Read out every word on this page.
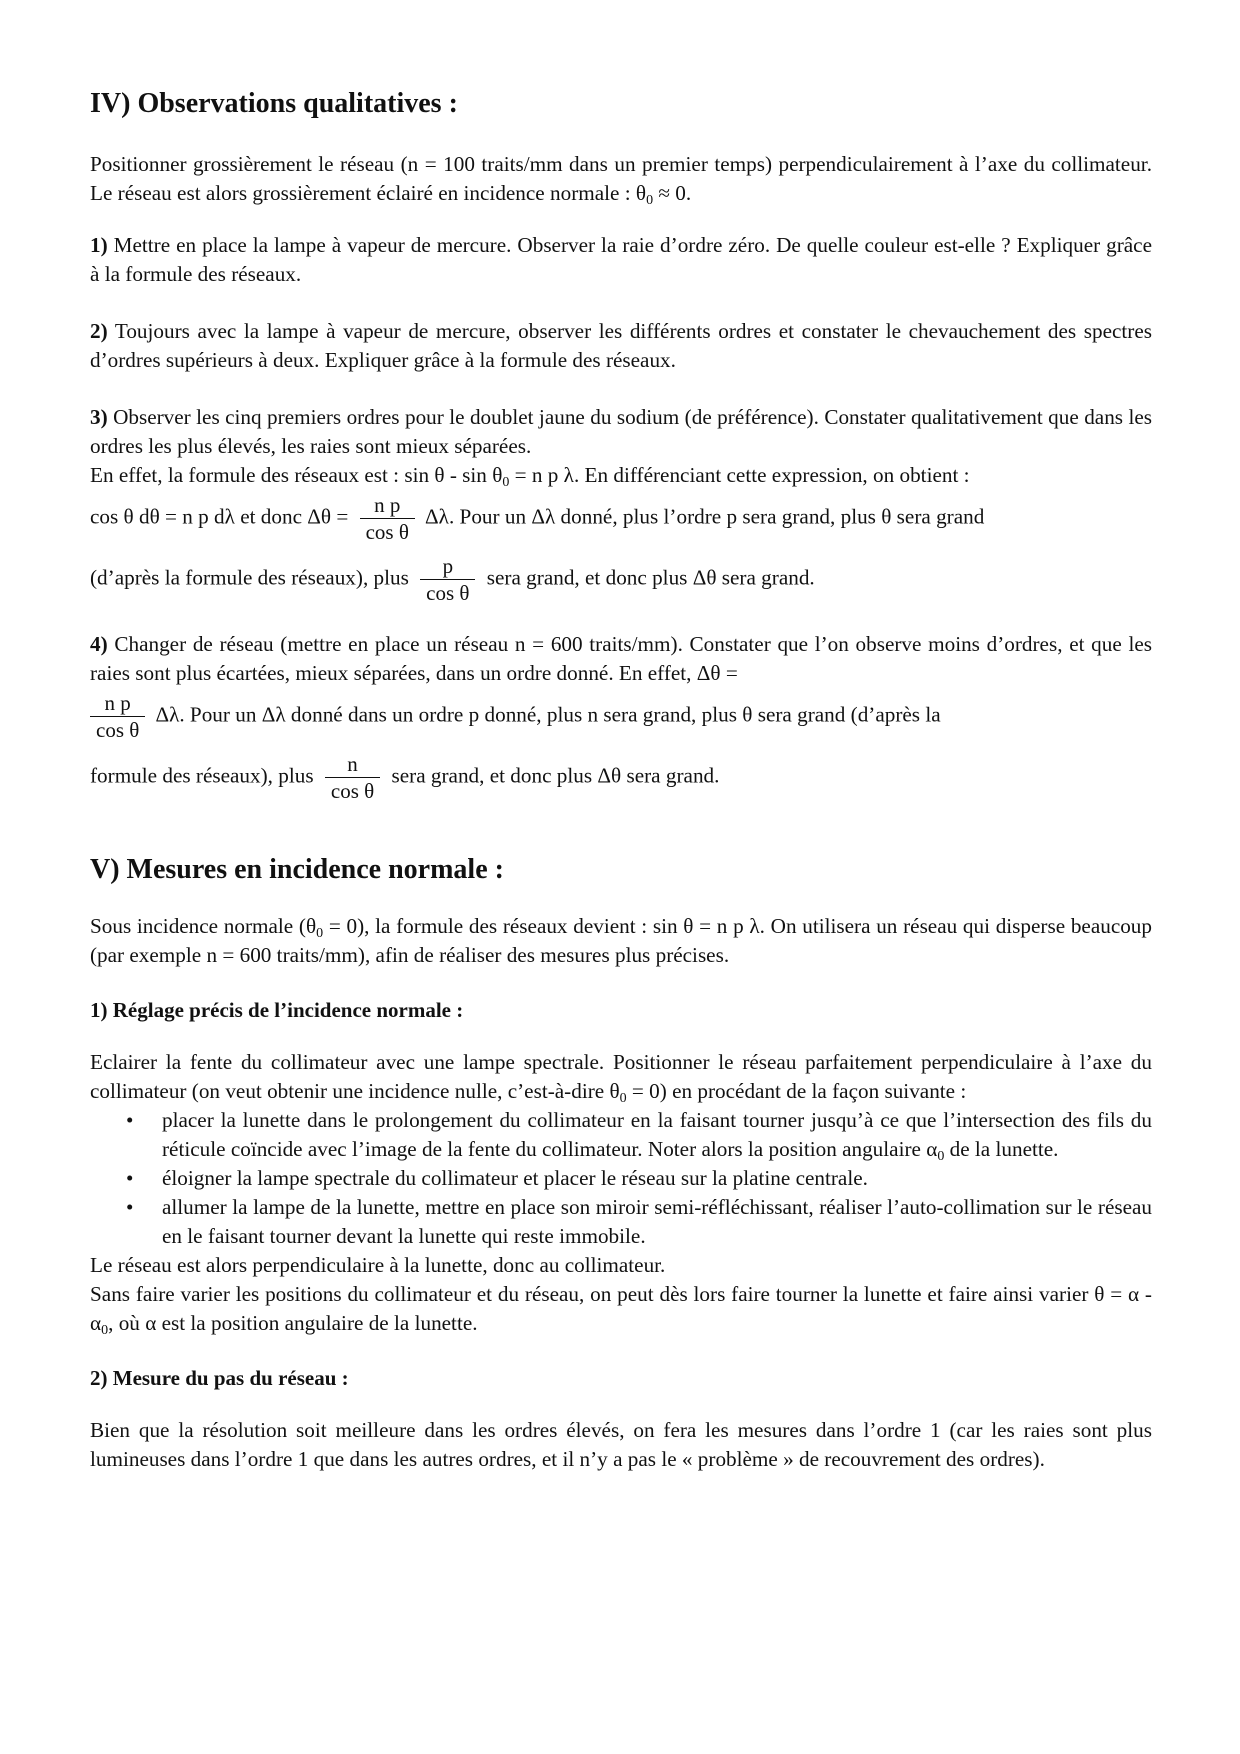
IV) Observations qualitatives :

Positionner grossièrement le réseau (n = 100 traits/mm dans un premier temps) perpendiculairement à l’axe du collimateur. Le réseau est alors grossièrement éclairé en incidence normale : $\theta_0 \approx 0$.

1) Mettre en place la lampe à vapeur de mercure. Observer la raie d’ordre zéro. De quelle couleur est-elle ? Expliquer grâce à la formule des réseaux.

2) Toujours avec la lampe à vapeur de mercure, observer les différents ordres et constater le chevauchement des spectres d’ordres supérieurs à deux. Expliquer grâce à la formule des réseaux.

3) Observer les cinq premiers ordres pour le doublet jaune du sodium (de préférence). Constater qualitativement que dans les ordres les plus élevés, les raies sont mieux séparées.

En effet, la formule des réseaux est : $\sin \theta - \sin \theta_0 = n$ p λ. En différenciant cette expression, on obtient :

cos θ dθ = n p dλ et donc $\Delta\theta = \frac{\text{n p}}{\text{cos θ}} \Delta\lambda$. Pour un Δλ donné, plus l’ordre p sera grand, plus θ sera grand

(d’après la formule des réseaux), plus $\frac{p}{\text{cos θ}}$ sera grand, et donc plus Δθ sera grand.

4) Changer de réseau (mettre en place un réseau n = 600 traits/mm). Constater que l’on observe moins d’ordres, et que les raies sont plus écartées, mieux séparées, dans un ordre donné. En effet, Δθ =

$\frac{\text{n p}}{\text{cos θ}} \Delta\lambda$. Pour un Δλ donné dans un ordre p donné, plus n sera grand, plus θ sera grand (d’après la

formule des réseaux), plus $\frac{n}{\text{cos θ}}$ sera grand, et donc plus Δθ sera grand.

V) Mesures en incidence normale :

Sous incidence normale $(\theta_0 = 0)$, la formule des réseaux devient : sin θ = n p λ. On utilisera un réseau qui disperse beaucoup (par exemple n = 600 traits/mm), afin de réaliser des mesures plus précises.

1) Réglage précis de l’incidence normale :

Eclairer la fente du collimateur avec une lampe spectrale. Positionner le réseau parfaitement perpendiculaire à l’axe du collimateur (on veut obtenir une incidence nulle, c’est-à-dire $\theta_0 = 0$) en procédant de la façon suivante :

• placer la lunette dans le prolongement du collimateur en la faisant tourner jusqu’à ce que l’intersection des fils du réticule coïncide avec l’image de la fente du collimateur. Noter alors la position angulaire $\alpha_0$ de la lunette.
• éloigner la lampe spectrale du collimateur et placer le réseau sur la platine centrale.
• allumer la lampe de la lunette, mettre en place son miroir semi-réfléchissant, réaliser l’auto-collimation sur le réseau en le faisant tourner devant la lunette qui reste immobile.

Le réseau est alors perpendiculaire à la lunette, donc au collimateur.

Sans faire varier les positions du collimateur et du réseau, on peut dès lors faire tourner la lunette et faire ainsi varier $\theta = \alpha - \alpha_0$, où α est la position angulaire de la lunette.

2) Mesure du pas du réseau :

Bien que la résolution soit meilleure dans les ordres élevés, on fera les mesures dans l’ordre 1 (car les raies sont plus lumineuses dans l’ordre 1 que dans les autres ordres, et il n’y a pas le « problème » de recouvrement des ordres).
